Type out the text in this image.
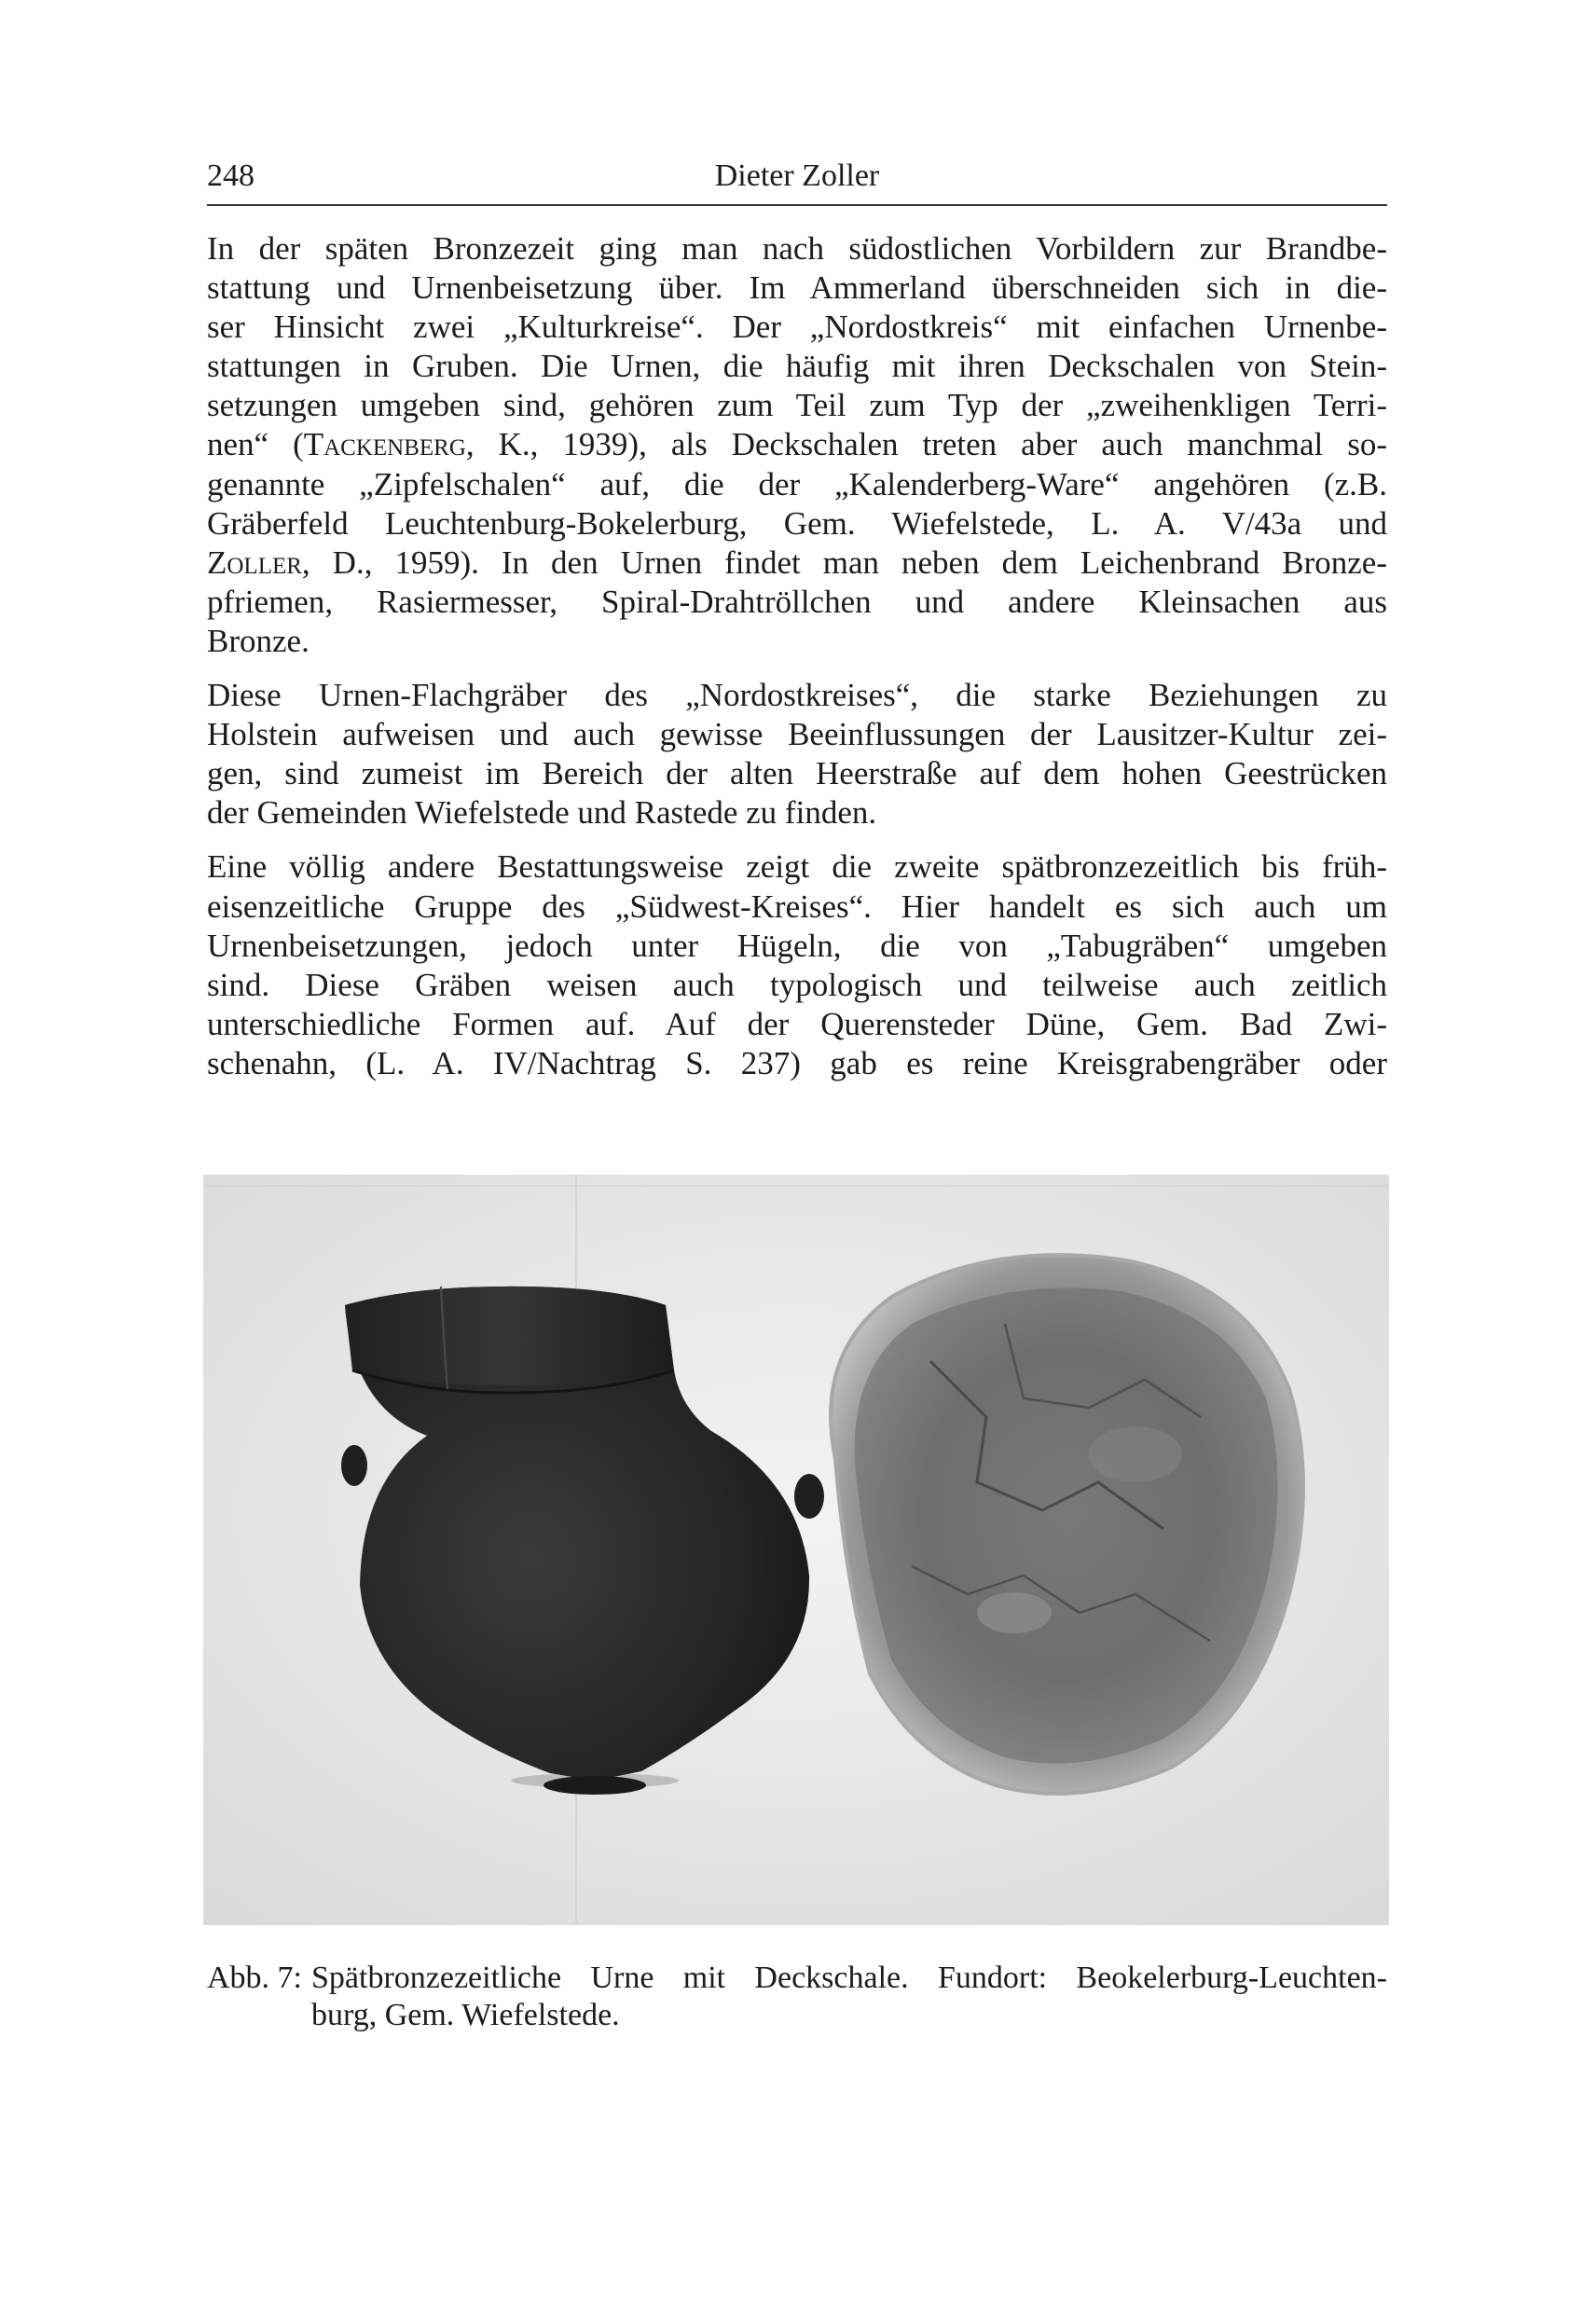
248	Dieter Zoller

In der späten Bronzezeit ging man nach südostlichen Vorbildern zur Brandbe-
stattung und Urnenbeisetzung über. Im Ammerland überschneiden sich in die-
ser Hinsicht zwei „Kulturkreise“. Der „Nordostkreis“ mit einfachen Urnenbe-
stattungen in Gruben. Die Urnen, die häufig mit ihren Deckschalen von Stein-
setzungen umgeben sind, gehören zum Teil zum Typ der „zweihenkligen Terri-
nen“ (Tackenberg, K., 1939), als Deckschalen treten aber auch manchmal so-
genannte „Zipfelschalen“ auf, die der „Kalenderberg-Ware“ angehören (z.B.
Gräberfeld Leuchtenburg-Bokelerburg, Gem. Wiefelstede, L. A. V/43a und
Zoller, D., 1959). In den Urnen findet man neben dem Leichenbrand Bronze-
pfriemen, Rasiermesser, Spiral-Drahtröllchen und andere Kleinsachen aus
Bronze.

Diese Urnen-Flachgräber des „Nordostkreises“, die starke Beziehungen zu
Holstein aufweisen und auch gewisse Beeinflussungen der Lausitzer-Kultur zei-
gen, sind zumeist im Bereich der alten Heerstraße auf dem hohen Geestrücken
der Gemeinden Wiefelstede und Rastede zu finden.

Eine völlig andere Bestattungsweise zeigt die zweite spätbronzezeitlich bis früh-
eisenzeitliche Gruppe des „Südwest-Kreises“. Hier handelt es sich auch um
Urnenbeisetzungen, jedoch unter Hügeln, die von „Tabugräben“ umgeben
sind. Diese Gräben weisen auch typologisch und teilweise auch zeitlich
unterschiedliche Formen auf. Auf der Querensteder Düne, Gem. Bad Zwi-
schenahn, (L. A. IV/Nachtrag S. 237) gab es reine Kreisgrabengräber oder

Abb. 7: Spätbronzezeitliche Urne mit Deckschale. Fundort: Beokelerburg-Leuchten-
burg, Gem. Wiefelstede.
